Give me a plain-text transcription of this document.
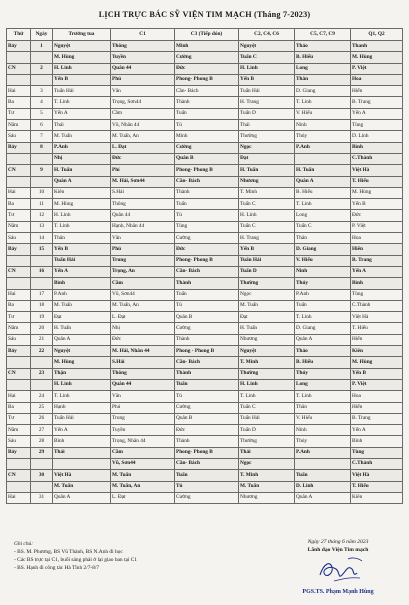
LỊCH TRỰC BÁC SỸ VIỆN TIM MẠCH (Tháng 7-2023)
Thứ	Ngày	Trưởng tua	C1	C3 (Tiếp đón)	C2, C4, C6	C5, C7, C9	Q1, Q2
Bảy	1	Nguyệt	Thông	Minh	Nguyệt	Thảo	Thanh
		M. Hùng	Tuyền	Cường	Tuấn C	B. Hiếu	M. Hùng
CN	2	H. Linh	Quân 44	Đức	H. Linh	Long	P. Việt
		Yến B	Phú	Phong- Phong B	Yến B	Thân	Hoa
Hai	3	Tuấn Hải	Văn	Cần- Bách	Tuấn Hải	D. Giang	Hiển
Ba	4	T. Linh	Trọng, Sơn44	Thành	H. Trang	T. Linh	B. Trang
Tư	5	Yến A	Cầm	Tuấn	Tuấn D	V. Hiếu	Yến A
Năm	6	Thái	Vũ, Nhân 44	Tú	Thái	Ninh	Tùng
Sáu	7	M. Tuấn	M. Tuấn, An	Minh	Thường	Thủy	D. Linh
Bảy	8	P.Anh	L. Đạt	Cường	Ngọc	P.Anh	Bình
		Nhị	Đức	Quân B	Đạt		C.Thành
CN	9	H. Tuấn	Phí	Phong- Phong B	H. Tuấn	H. Tuấn	Việt Hà
		Quân A	M. Hải, Sơn44	Cần- Bách	Nhương	Quân A	T. Hiếu
Hai	10	Kiên	S.Hải	Thành	T. Minh	B. Hiếu	M. Hùng
Ba	11	M. Hùng	Thông	Tuấn	Tuấn C	T. Linh	Yến B
Tư	12	H. Linh	Quân 44	Tú	H. Linh	Long	Đức
Năm	13	T. Linh	Hạnh, Nhân 44	Tùng	Tuấn C	Tuấn C	P. Việt
Sáu	14	Thân	Văn	Cường	H. Trang	Thân	Hoa
Bảy	15	Yến B	Phú	Đức	Yến B	D. Giang	Hiển
		Tuấn Hải	Trung	Phong- Phong B	Tuấn Hải	V. Hiếu	B. Trang
CN	16	Yến A	Trọng, An	Cần- Bách	Tuấn D	Ninh	Yến A
		Bình	Cầm	Thành	Thường	Thủy	Bình
Hai	17	P.Anh	Vũ, Sơn44	Tuấn	Ngọc	P.Anh	Tùng
Ba	18	M. Tuấn	M. Tuấn, An	Tú	M. Tuấn	Tuấn	C.Thành
Tư	19	Đạt	L. Đạt	Quân B	Đạt	T. Linh	Việt Hà
Năm	20	H. Tuấn	Nhị	Cường	H. Tuấn	D. Giang	T. Hiếu
Sáu	21	Quân A	Đức	Thành	Nhương	Quân A	Hiển
Bảy	22	Nguyệt	M. Hải, Nhân 44	Phong - Phong B	Nguyệt	Thảo	Kiên
		M. Hùng	S.Hải	Cần- Bách	T. Minh	B. Hiếu	M. Hùng
CN	23	Thận	Thông	Thành	Thường	Thủy	Yến B
		H. Linh	Quân 44	Tuấn	H. Linh	Long	P. Việt
Hai	24	T. Linh	Văn	Tú	T. Linh	T. Linh	Hoa
Ba	25	Hạnh	Phú	Cường	Tuấn C	Thân	Hiển
Tư	26	Tuấn Hải	Trung	Quân B	Tuấn Hải	V. Hiếu	B. Trang
Năm	27	Yến A	Tuyền	Đức	Tuấn D	Ninh	Yến A
Sáu	28	Bình	Trọng, Nhân 44	Thành	Thường	Thủy	Bình
Bảy	29	Thái	Cầm	Phong- Phong B	Thái	P.Anh	Tùng
			Vũ, Sơn44	Cần- Bách	Ngọc		C.Thành
CN	30	Việt Hà	M. Tuấn	Tuấn	T. Minh	Tuấn	Việt Hà
		M. Tuấn	M. Tuấn, An	Tú	M. Tuấn	D. Linh	T. Hiếu
Hai	31	Quân A	L. Đạt	Cường	Nhương	Quân A	Kiên
Ghi chú:
- BS. M. Phương, BS Vũ Thành, BS N.Anh đi học
- Các BS trực tại C1, buổi sáng phải ở lại giao ban tại C1
- BS. Hạnh đi công tác Hà Tĩnh 2/7-8/7
Ngày 27 tháng 6 năm 2023
Lãnh đạo Viện Tim mạch
PGS.TS. Phạm Mạnh Hùng
